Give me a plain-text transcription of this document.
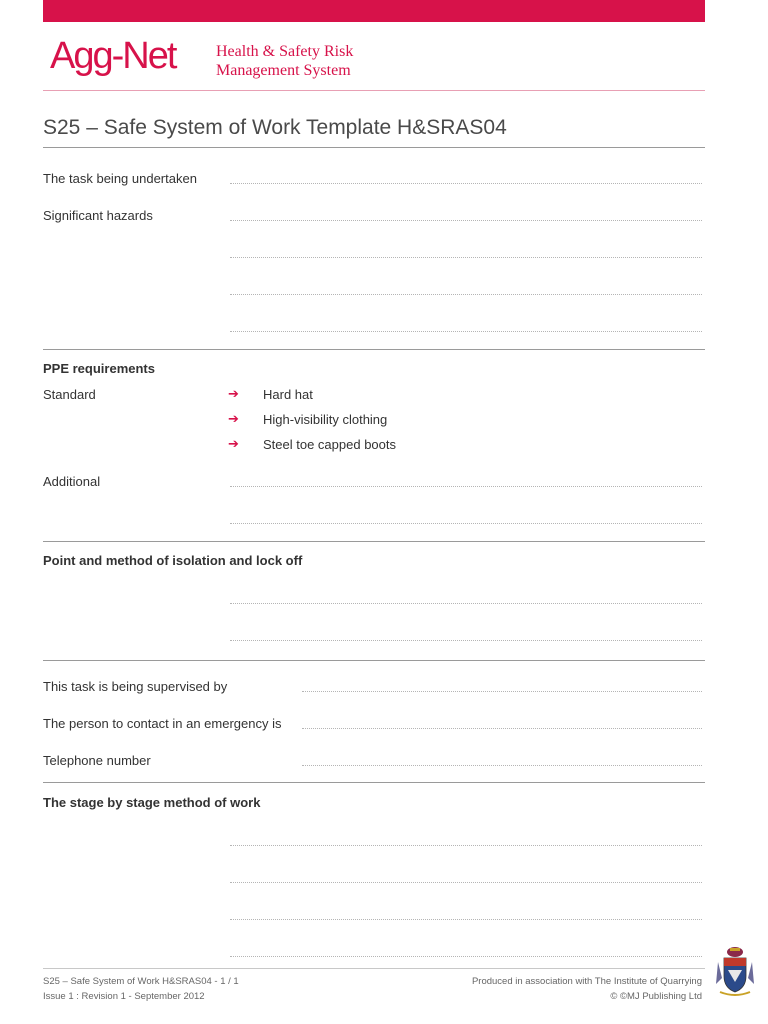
Agg-Net	Health & Safety Risk
Management System
S25 – Safe System of Work Template H&SRAS04
The task being undertaken
Significant hazards
PPE requirements
Standard	➔ Hard hat
➔ High-visibility clothing
➔ Steel toe capped boots
Additional
Point and method of isolation and lock off
This task is being supervised by
The person to contact in an emergency is
Telephone number
The stage by stage method of work
S25 – Safe System of Work H&SRAS04 - 1 / 1
Issue 1 : Revision 1 - September 2012
Produced in association with The Institute of Quarrying
© ©MJ Publishing Ltd
